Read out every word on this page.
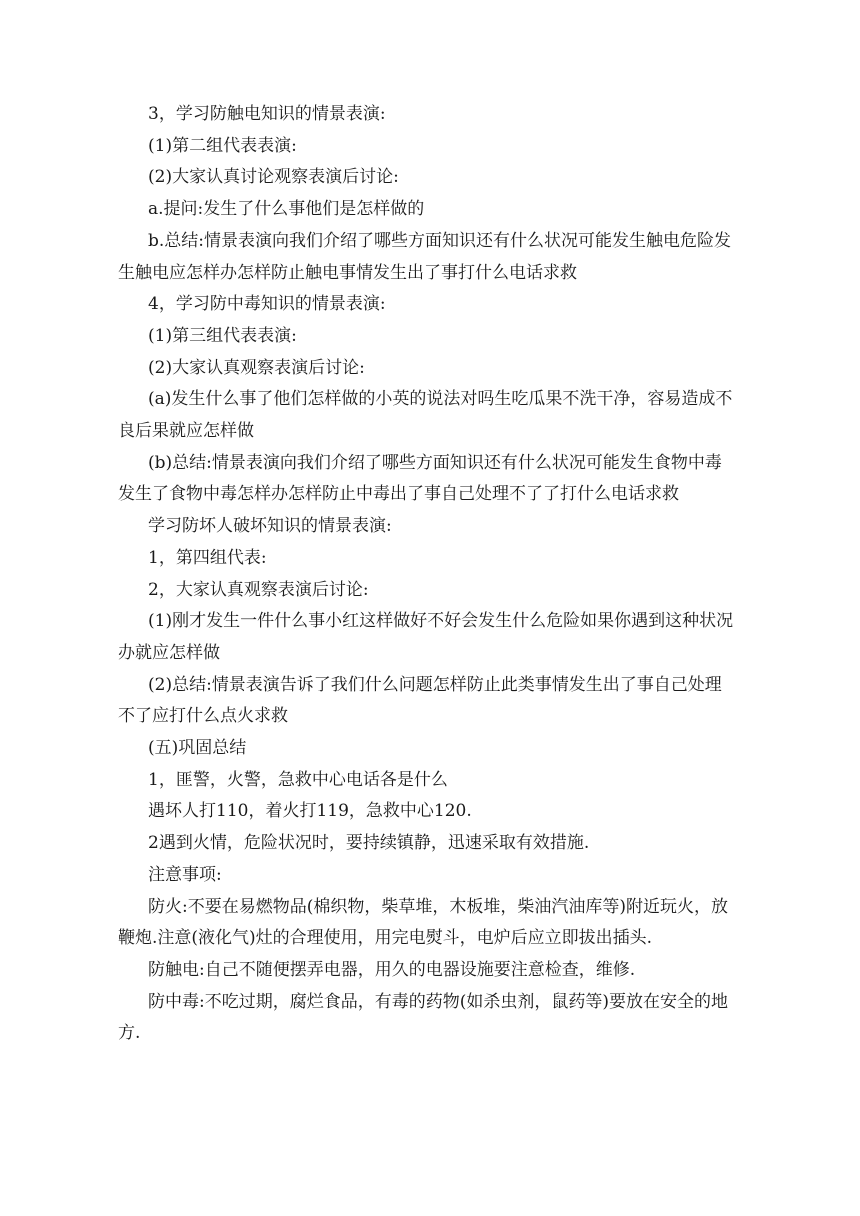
3，学习防触电知识的情景表演:

(1)第二组代表表演:

(2)大家认真讨论观察表演后讨论:

a.提问:发生了什么事他们是怎样做的

b.总结:情景表演向我们介绍了哪些方面知识还有什么状况可能发生触电危险发生触电应怎样办怎样防止触电事情发生出了事打什么电话求救

4，学习防中毒知识的情景表演:

(1)第三组代表表演:

(2)大家认真观察表演后讨论:

(a)发生什么事了他们怎样做的小英的说法对吗生吃瓜果不洗干净，容易造成不良后果就应怎样做

(b)总结:情景表演向我们介绍了哪些方面知识还有什么状况可能发生食物中毒发生了食物中毒怎样办怎样防止中毒出了事自己处理不了了打什么电话求救

学习防坏人破坏知识的情景表演:

1，第四组代表:

2，大家认真观察表演后讨论:

(1)刚才发生一件什么事小红这样做好不好会发生什么危险如果你遇到这种状况办就应怎样做

(2)总结:情景表演告诉了我们什么问题怎样防止此类事情发生出了事自己处理不了应打什么点火求救

(五)巩固总结

1，匪警，火警，急救中心电话各是什么

遇坏人打110，着火打119，急救中心120.

2遇到火情，危险状况时，要持续镇静，迅速采取有效措施.

注意事项:

防火:不要在易燃物品(棉织物，柴草堆，木板堆，柴油汽油库等)附近玩火，放鞭炮.注意(液化气)灶的合理使用，用完电熨斗，电炉后应立即拔出插头.

防触电:自己不随便摆弄电器，用久的电器设施要注意检查，维修.

防中毒:不吃过期，腐烂食品，有毒的药物(如杀虫剂，鼠药等)要放在安全的地方.
